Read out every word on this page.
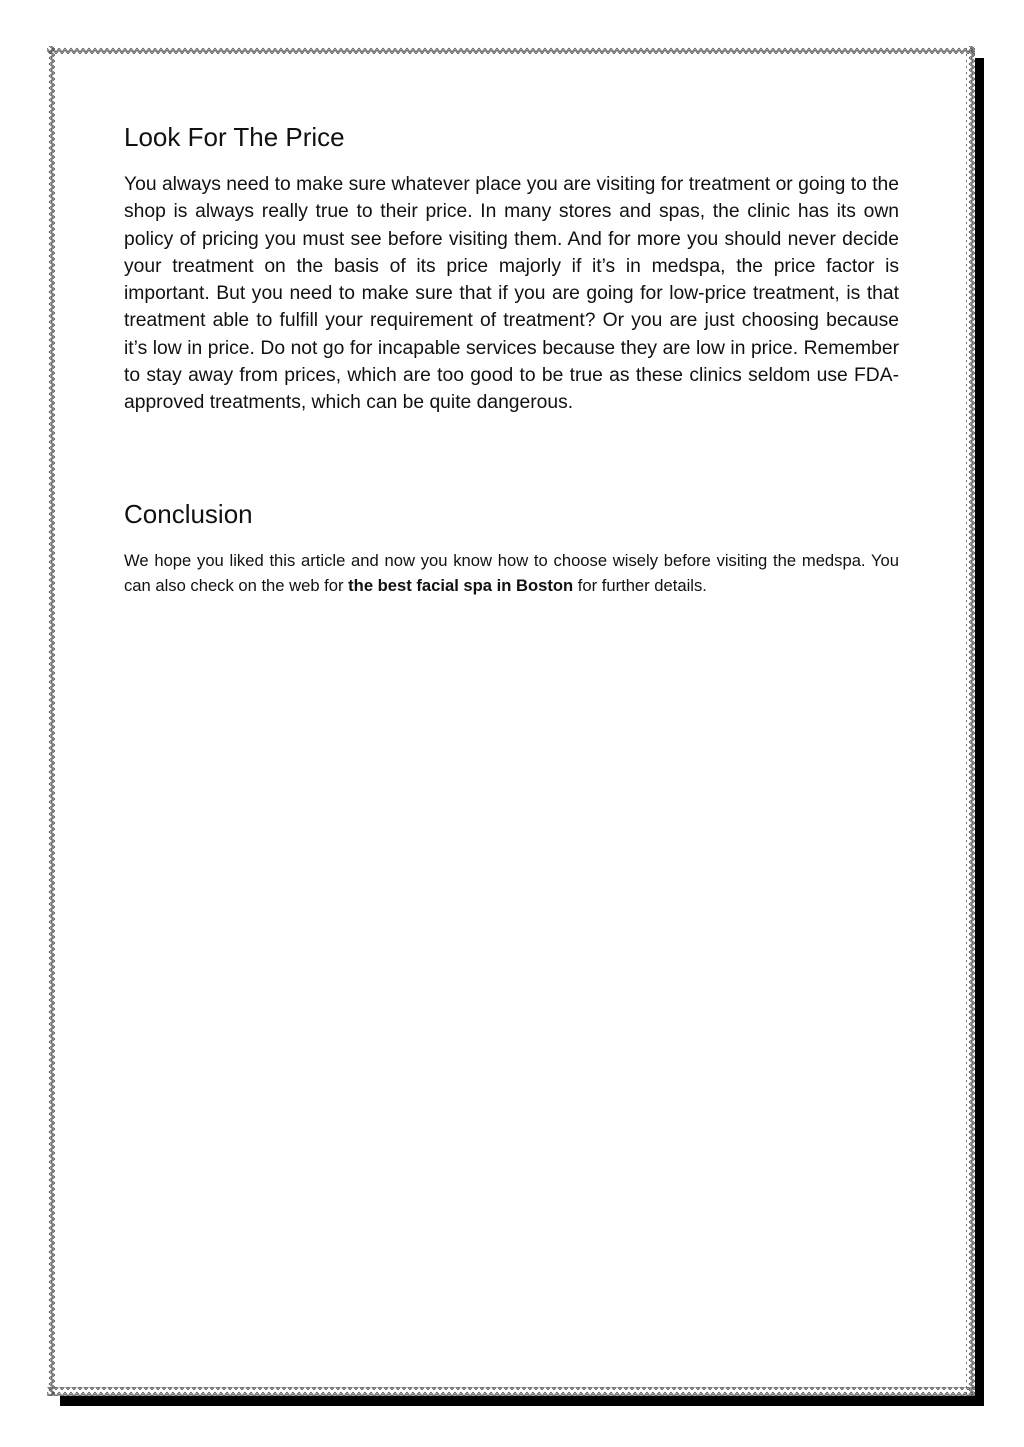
Look For The Price

You always need to make sure whatever place you are visiting for treatment or going to the shop is always really true to their price. In many stores and spas, the clinic has its own policy of pricing you must see before visiting them. And for more you should never decide your treatment on the basis of its price majorly if it’s in medspa, the price factor is important. But you need to make sure that if you are going for low-price treatment, is that treatment able to fulfill your requirement of treatment? Or you are just choosing because it’s low in price. Do not go for incapable services because they are low in price. Remember to stay away from prices, which are too good to be true as these clinics seldom use FDA-approved treatments, which can be quite dangerous.

Conclusion

We hope you liked this article and now you know how to choose wisely before visiting the medspa. You can also check on the web for the best facial spa in Boston for further details.
